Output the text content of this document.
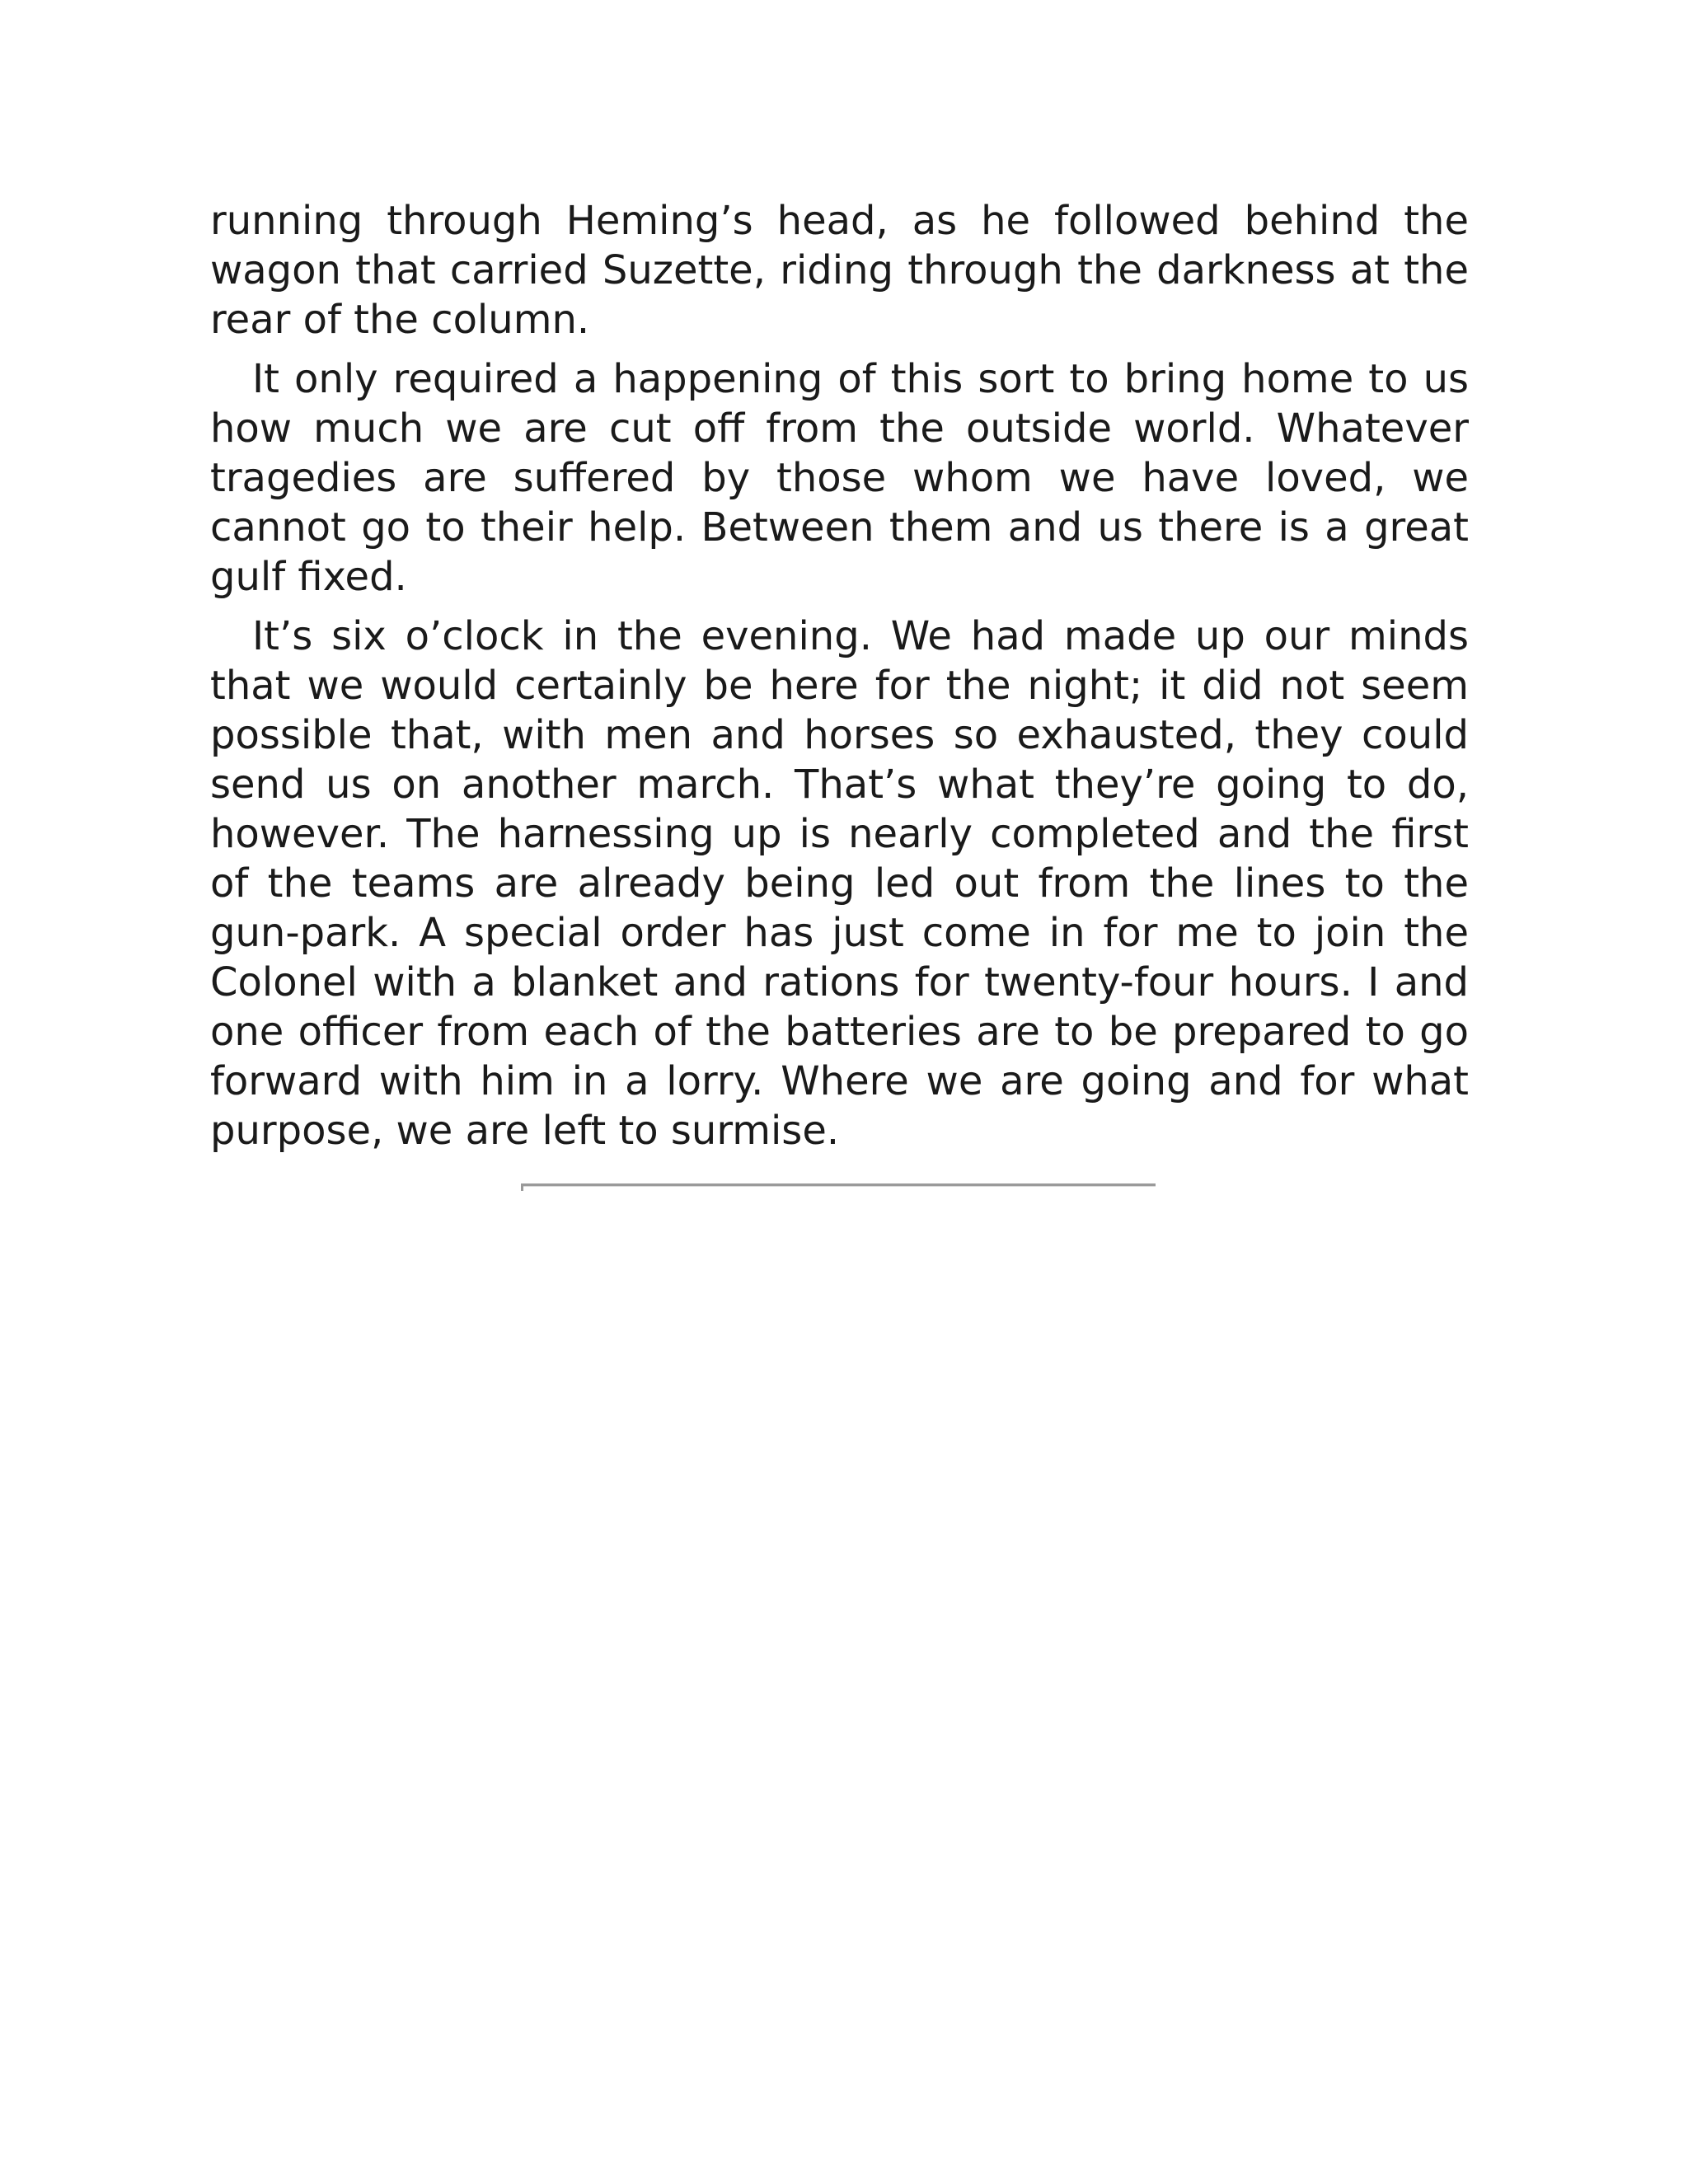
running through Heming’s head, as he followed behind the wagon that carried Suzette, riding through the darkness at the rear of the column.

It only required a happening of this sort to bring home to us how much we are cut off from the outside world. Whatever tragedies are suffered by those whom we have loved, we cannot go to their help. Between them and us there is a great gulf fixed.

It’s six o’clock in the evening. We had made up our minds that we would certainly be here for the night; it did not seem possible that, with men and horses so exhausted, they could send us on another march. That’s what they’re going to do, however. The harnessing up is nearly completed and the first of the teams are already being led out from the lines to the gun-park. A special order has just come in for me to join the Colonel with a blanket and rations for twenty-four hours. I and one officer from each of the batteries are to be prepared to go forward with him in a lorry. Where we are going and for what purpose, we are left to surmise.
